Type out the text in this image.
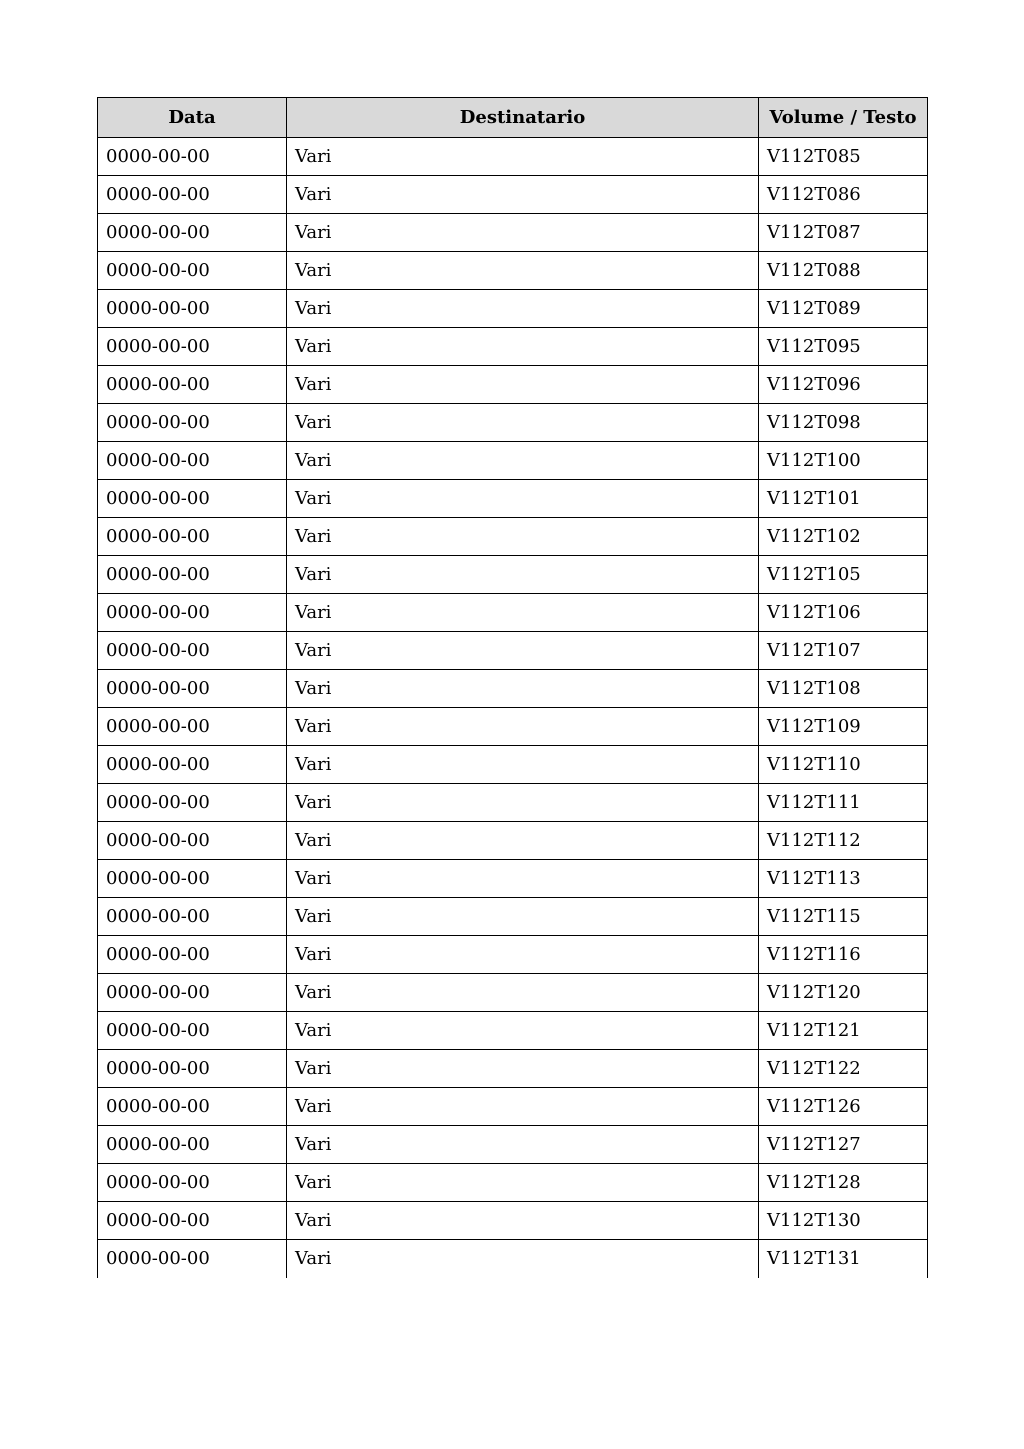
Data	Destinatario	Volume / Testo
0000-00-00	Vari	V112T085
0000-00-00	Vari	V112T086
0000-00-00	Vari	V112T087
0000-00-00	Vari	V112T088
0000-00-00	Vari	V112T089
0000-00-00	Vari	V112T095
0000-00-00	Vari	V112T096
0000-00-00	Vari	V112T098
0000-00-00	Vari	V112T100
0000-00-00	Vari	V112T101
0000-00-00	Vari	V112T102
0000-00-00	Vari	V112T105
0000-00-00	Vari	V112T106
0000-00-00	Vari	V112T107
0000-00-00	Vari	V112T108
0000-00-00	Vari	V112T109
0000-00-00	Vari	V112T110
0000-00-00	Vari	V112T111
0000-00-00	Vari	V112T112
0000-00-00	Vari	V112T113
0000-00-00	Vari	V112T115
0000-00-00	Vari	V112T116
0000-00-00	Vari	V112T120
0000-00-00	Vari	V112T121
0000-00-00	Vari	V112T122
0000-00-00	Vari	V112T126
0000-00-00	Vari	V112T127
0000-00-00	Vari	V112T128
0000-00-00	Vari	V112T130
0000-00-00	Vari	V112T131
